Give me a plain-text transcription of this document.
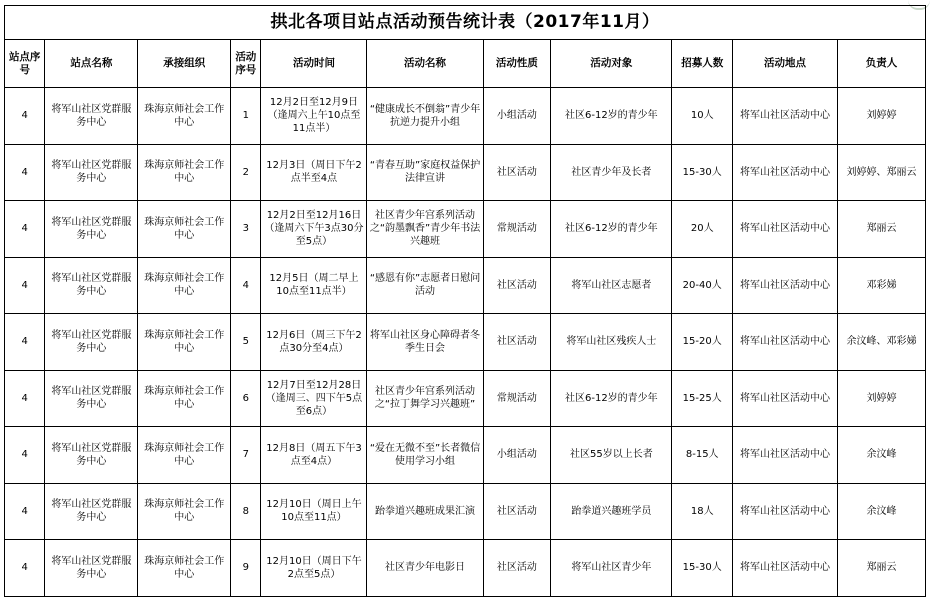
拱北各项目站点活动预告统计表（2017年11月）										
站点序号	站点名称	承接组织	活动序号	活动时间	活动名称	活动性质	活动对象	招募人数	活动地点	负责人
4	将军山社区党群服务中心	珠海京师社会工作中心	1	12月2日至12月9日（逢周六上午10点至11点半）	“健康成长不倒翁”青少年抗逆力提升小组	小组活动	社区6-12岁的青少年	10人	将军山社区活动中心	刘婷婷
4	将军山社区党群服务中心	珠海京师社会工作中心	2	12月3日（周日下午2点半至4点	“青春互助”家庭权益保护法律宣讲	社区活动	社区青少年及长者	15-30人	将军山社区活动中心	刘婷婷、郑丽云
4	将军山社区党群服务中心	珠海京师社会工作中心	3	12月2日至12月16日（逢周六下午3点30分至5点）	社区青少年宫系列活动之“韵墨飘香”青少年书法兴趣班	常规活动	社区6-12岁的青少年	20人	将军山社区活动中心	郑丽云
4	将军山社区党群服务中心	珠海京师社会工作中心	4	12月5日（周二早上10点至11点半）	“感恩有你”志愿者日慰问活动	社区活动	将军山社区志愿者	20-40人	将军山社区活动中心	邓彩娣
4	将军山社区党群服务中心	珠海京师社会工作中心	5	12月6日（周三下午2点30分至4点）	将军山社区身心障碍者冬季生日会	社区活动	将军山社区残疾人士	15-20人	将军山社区活动中心	余汶峰、邓彩娣
4	将军山社区党群服务中心	珠海京师社会工作中心	6	12月7日至12月28日（逢周三、四下午5点至6点）	社区青少年宫系列活动之“拉丁舞学习兴趣班”	常规活动	社区6-12岁的青少年	15-25人	将军山社区活动中心	刘婷婷
4	将军山社区党群服务中心	珠海京师社会工作中心	7	12月8日（周五下午3点至4点）	“爱在无微不至”长者微信使用学习小组	小组活动	社区55岁以上长者	8-15人	将军山社区活动中心	余汶峰
4	将军山社区党群服务中心	珠海京师社会工作中心	8	12月10日（周日上午10点至11点）	跆拳道兴趣班成果汇演	社区活动	跆拳道兴趣班学员	18人	将军山社区活动中心	余汶峰
4	将军山社区党群服务中心	珠海京师社会工作中心	9	12月10日（周日下午2点至5点）	社区青少年电影日	社区活动	将军山社区青少年	15-30人	将军山社区活动中心	郑丽云
